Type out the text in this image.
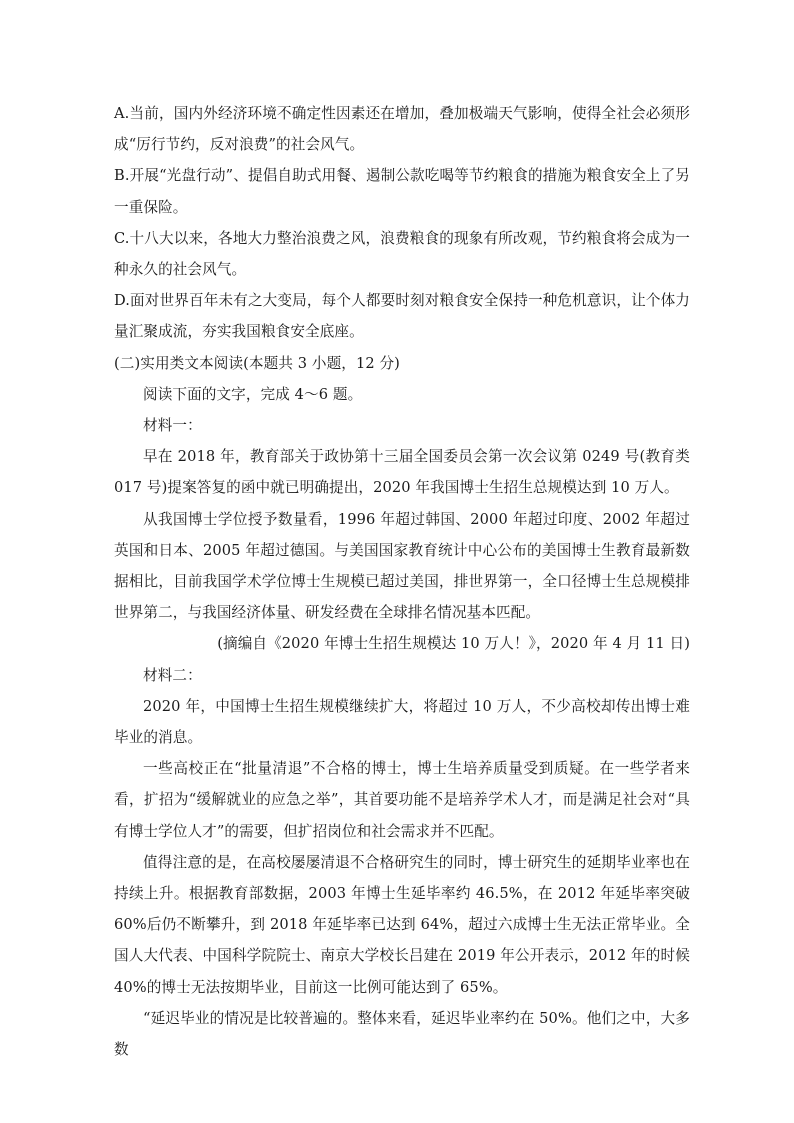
A.当前，国内外经济环境不确定性因素还在增加，叠加极端天气影响，使得全社会必须形成“厉行节约，反对浪费”的社会风气。

B.开展“光盘行动”、提倡自助式用餐、遏制公款吃喝等节约粮食的措施为粮食安全上了另一重保险。

C.十八大以来，各地大力整治浪费之风，浪费粮食的现象有所改观，节约粮食将会成为一种永久的社会风气。

D.面对世界百年未有之大变局，每个人都要时刻对粮食安全保持一种危机意识，让个体力量汇聚成流，夯实我国粮食安全底座。

(二)实用类文本阅读(本题共 3 小题，12 分)

阅读下面的文字，完成 4～6 题。

材料一：

早在 2018 年，教育部关于政协第十三届全国委员会第一次会议第 0249 号(教育类 017 号)提案答复的函中就已明确提出，2020 年我国博士生招生总规模达到 10 万人。

从我国博士学位授予数量看，1996 年超过韩国、2000 年超过印度、2002 年超过英国和日本、2005 年超过德国。与美国国家教育统计中心公布的美国博士生教育最新数据相比，目前我国学术学位博士生规模已超过美国，排世界第一，全口径博士生总规模排世界第二，与我国经济体量、研发经费在全球排名情况基本匹配。

(摘编自《2020 年博士生招生规模达 10 万人！》，2020 年 4 月 11 日)

材料二：

2020 年，中国博士生招生规模继续扩大，将超过 10 万人，不少高校却传出博士难毕业的消息。

一些高校正在“批量清退”不合格的博士，博士生培养质量受到质疑。在一些学者来看，扩招为“缓解就业的应急之举”，其首要功能不是培养学术人才，而是满足社会对“具有博士学位人才”的需要，但扩招岗位和社会需求并不匹配。

值得注意的是，在高校屡屡清退不合格研究生的同时，博士研究生的延期毕业率也在持续上升。根据教育部数据，2003 年博士生延毕率约 46.5%，在 2012 年延毕率突破 60%后仍不断攀升，到 2018 年延毕率已达到 64%，超过六成博士生无法正常毕业。全国人大代表、中国科学院院士、南京大学校长吕建在 2019 年公开表示，2012 年的时候 40%的博士无法按期毕业，目前这一比例可能达到了 65%。

“延迟毕业的情况是比较普遍的。整体来看，延迟毕业率约在 50%。他们之中，大多数
